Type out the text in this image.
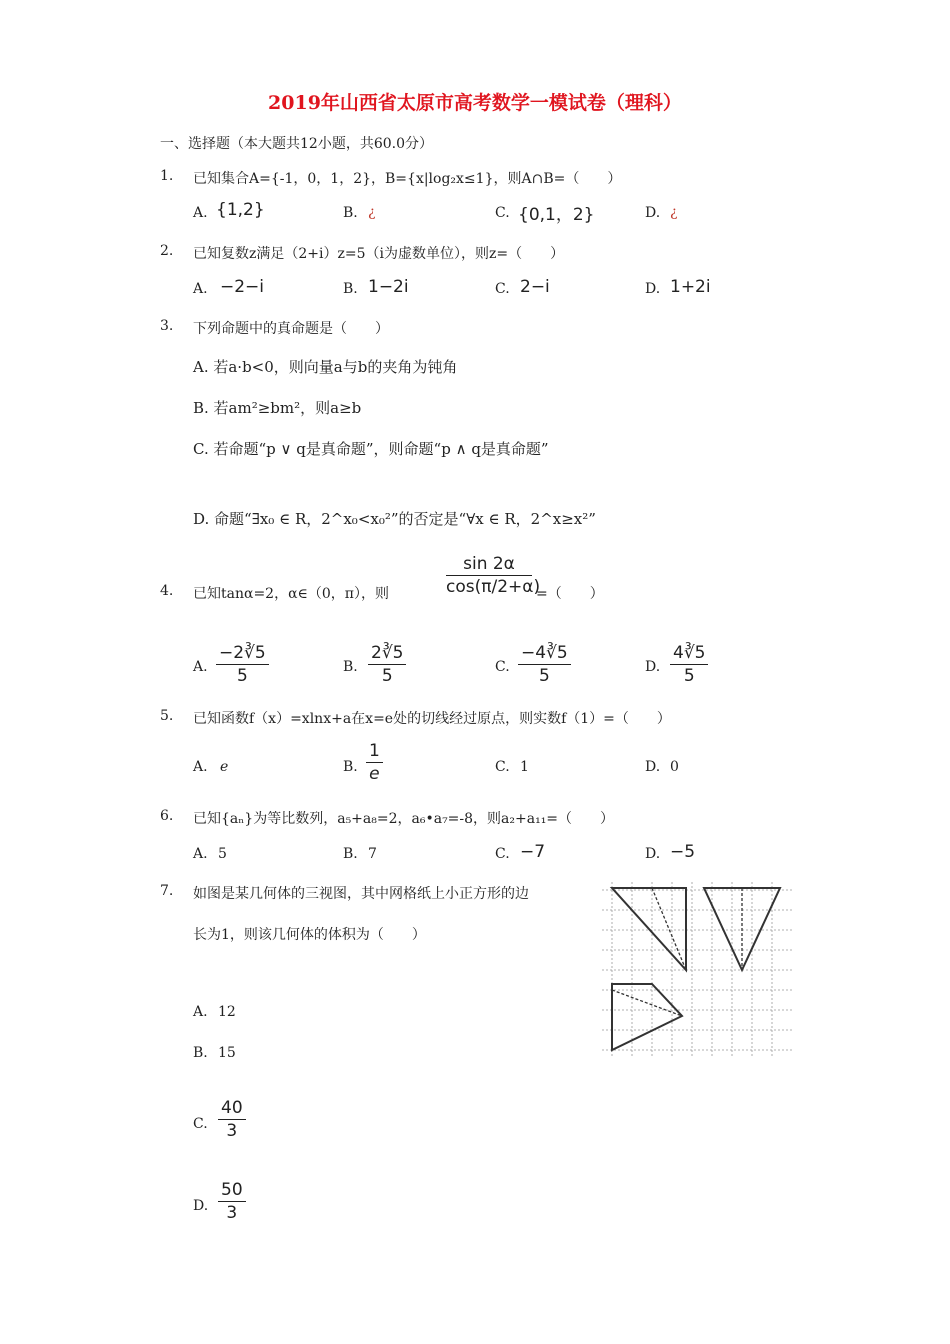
2019年山西省太原市高考数学一模试卷（理科）
一、选择题（本大题共12小题，共60.0分）
1. 已知集合A={-1，0，1，2}，B={x|log₂x≤1}，则A∩B=（　　）
A. {1,2}	B. ¿	C. {0,1，2}	D. ¿
2. 已知复数z满足（2+i）z=5（i为虚数单位），则z=（　　）
A. −2−i	B. 1−2i	C. 2−i	D. 1+2i
3. 下列命题中的真命题是（　　）
A. 若a·b<0，则向量a与b的夹角为钝角
B. 若am²≥bm²，则a≥b
C. 若命题“p ∨ q是真命题”，则命题“p ∧ q是真命题”
D. 命题“∃x₀ ∈ R，2^x₀<x₀²”的否定是“∀x ∈ R，2^x≥x²”
4. 已知tanα=2，α∈（0，π），则	$\frac{\sin 2\alpha}{\cos(\pi/2+\alpha)}$ =（　　）
A. $\frac{-2∛5}{5}$	B. $\frac{2∛5}{5}$	C. $\frac{-4∛5}{5}$	D. $\frac{4∛5}{5}$
5. 已知函数f（x）=xlnx+a在x=e处的切线经过原点，则实数f（1）=（　　）
A. e	B. $\frac{1}{e}$	C. 1	D. 0
6. 已知{aₙ}为等比数列，a₅+a₈=2，a₆•a₇=-8，则a₂+a₁₁=（　　）
A. 5	B. 7	C. −7	D. −5
7. 如图是某几何体的三视图，其中网格纸上小正方形的边
长为1，则该几何体的体积为（　　）
A. 12
B. 15
C. $\frac{40}{3}$
D. $\frac{50}{3}$
